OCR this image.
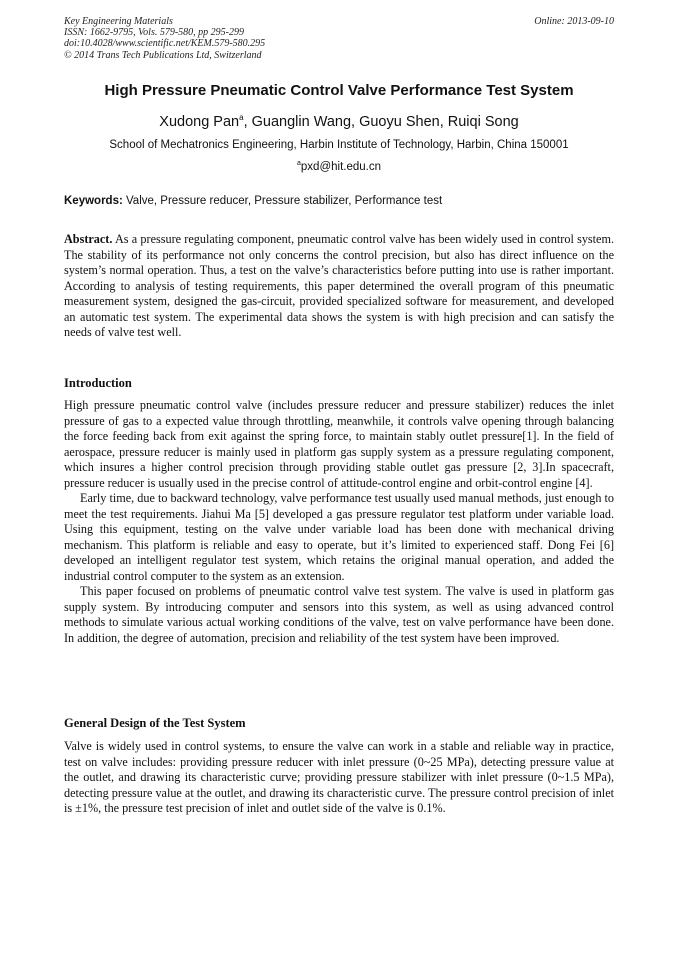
Key Engineering Materials
ISSN: 1662-9795, Vols. 579-580, pp 295-299
doi:10.4028/www.scientific.net/KEM.579-580.295
© 2014 Trans Tech Publications Ltd, Switzerland
Online: 2013-09-10
High Pressure Pneumatic Control Valve Performance Test System
Xudong Pan$^a$, Guanglin Wang, Guoyu Shen, Ruiqi Song
School of Mechatronics Engineering, Harbin Institute of Technology, Harbin, China 150001
$^a$pxd@hit.edu.cn
Keywords: Valve, Pressure reducer, Pressure stabilizer, Performance test

Abstract. As a pressure regulating component, pneumatic control valve has been widely used in control system. The stability of its performance not only concerns the control precision, but also has direct influence on the system’s normal operation. Thus, a test on the valve’s characteristics before putting into use is rather important. According to analysis of testing requirements, this paper determined the overall program of this pneumatic measurement system, designed the gas-circuit, provided specialized software for measurement, and developed an automatic test system. The experimental data shows the system is with high precision and can satisfy the needs of valve test well.

Introduction

High pressure pneumatic control valve (includes pressure reducer and pressure stabilizer) reduces the inlet pressure of gas to a expected value through throttling, meanwhile, it controls valve opening through balancing the force feeding back from exit against the spring force, to maintain stably outlet pressure[1]. In the field of aerospace, pressure reducer is mainly used in platform gas supply system as a pressure regulating component, which insures a higher control precision through providing stable outlet gas pressure [2, 3].In spacecraft, pressure reducer is usually used in the precise control of attitude-control engine and orbit-control engine [4].

Early time, due to backward technology, valve performance test usually used manual methods, just enough to meet the test requirements. Jiahui Ma [5] developed a gas pressure regulator test platform under variable load. Using this equipment, testing on the valve under variable load has been done with mechanical driving mechanism. This platform is reliable and easy to operate, but it’s limited to experienced staff. Dong Fei [6] developed an intelligent regulator test system, which retains the original manual operation, and added the industrial control computer to the system as an extension.

This paper focused on problems of pneumatic control valve test system. The valve is used in platform gas supply system. By introducing computer and sensors into this system, as well as using advanced control methods to simulate various actual working conditions of the valve, test on valve performance have been done. In addition, the degree of automation, precision and reliability of the test system have been improved.

General Design of the Test System

Valve is widely used in control systems, to ensure the valve can work in a stable and reliable way in practice, test on valve includes: providing pressure reducer with inlet pressure (0~25 MPa), detecting pressure value at the outlet, and drawing its characteristic curve; providing pressure stabilizer with inlet pressure (0~1.5 MPa), detecting pressure value at the outlet, and drawing its characteristic curve. The pressure control precision of inlet is ±1%, the pressure test precision of inlet and outlet side of the valve is 0.1%.
